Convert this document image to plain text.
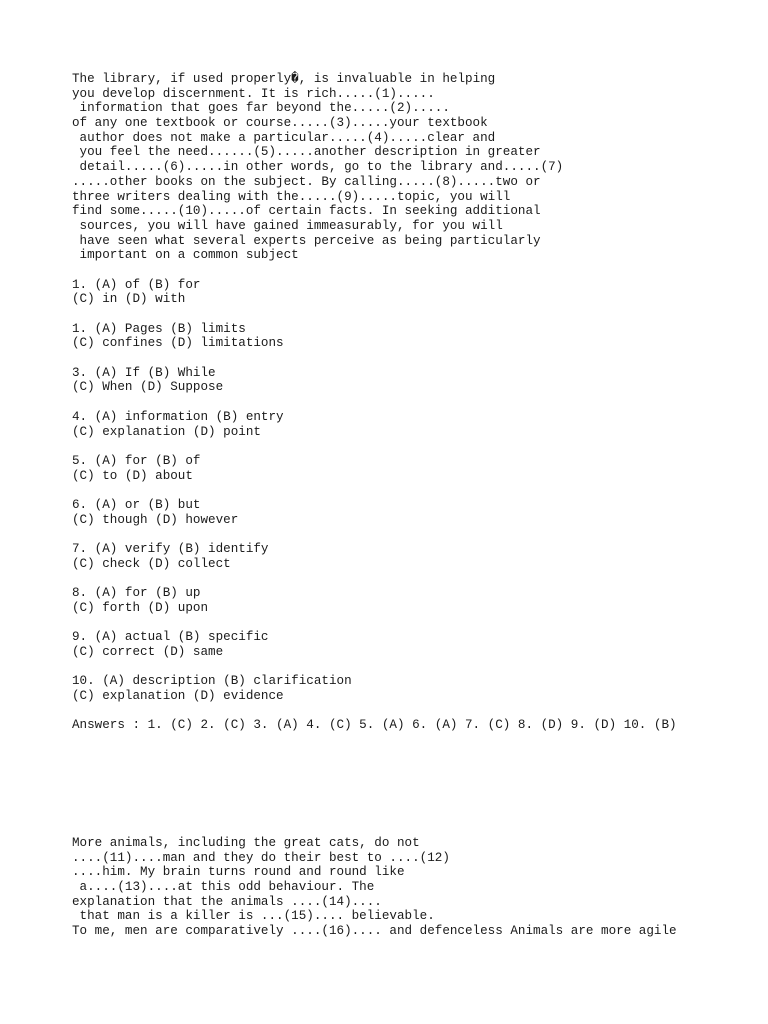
The library, if used properly�, is invaluable in helping
you develop discernment. It is rich.....(1).....
information that goes far beyond the.....(2).....
of any one textbook or course.....(3).....your textbook
author does not make a particular.....(4).....clear and
you feel the need......(5).....another description in greater
detail.....(6).....in other words, go to the library and.....(7)
.....other books on the subject. By calling.....(8).....two or
three writers dealing with the.....(9).....topic, you will
find some.....(10).....of certain facts. In seeking additional
sources, you will have gained immeasurably, for you will
have seen what several experts perceive as being particularly
important on a common subject
1. (A) of (B) for
(C) in (D) with
1. (A) Pages (B) limits
(C) confines (D) limitations
3. (A) If (B) While
(C) When (D) Suppose
4. (A) information (B) entry
(C) explanation (D) point
5. (A) for (B) of
(C) to (D) about
6. (A) or (B) but
(C) though (D) however
7. (A) verify (B) identify
(C) check (D) collect
8. (A) for (B) up
(C) forth (D) upon
9. (A) actual (B) specific
(C) correct (D) same
10. (A) description (B) clarification
(C) explanation (D) evidence
Answers : 1. (C) 2. (C) 3. (A) 4. (C) 5. (A) 6. (A) 7. (C) 8. (D) 9. (D) 10. (B)
More animals, including the great cats, do not
....(11)....man and they do their best to ....(12)
....him. My brain turns round and round like
a....(13)....at this odd behaviour. The
explanation that the animals ....(14)....
that man is a killer is ...(15).... believable.
To me, men are comparatively ....(16).... and defenceless Animals are more agile
